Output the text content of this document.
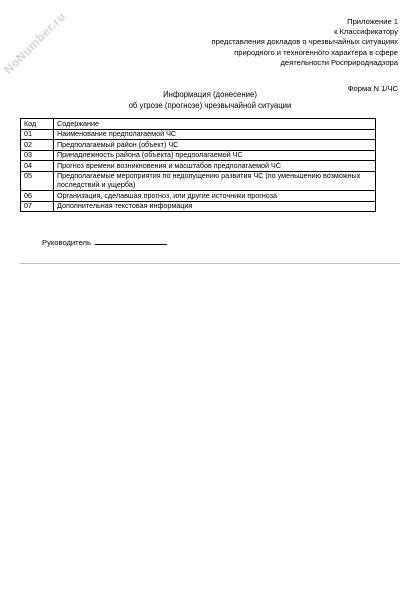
NoNumber.ru	Приложение 1
к Классификатору
представления докладов о чрезвычайных ситуациях
природного и техногенного характера в сфере
деятельности Росприроднадзора
Форма N 1/ЧС
Информация (донесение)
об угрозе (прогнозе) чрезвычайной ситуации
Код	Содержание
01	Наименование предполагаемой ЧС
02	Предполагаемый район (объект) ЧС
03	Принадлежность района (объекта) предполагаемой ЧС
04	Прогноз времени возникновения и масштабов предполагаемой ЧС
05	Предполагаемые мероприятия по недопущению развития ЧС (по уменьшению возможных последствий и ущерба)
06	Организация, сделавшая прогноз, или другие источники прогноза
07	Дополнительная текстовая информация
Руководитель
